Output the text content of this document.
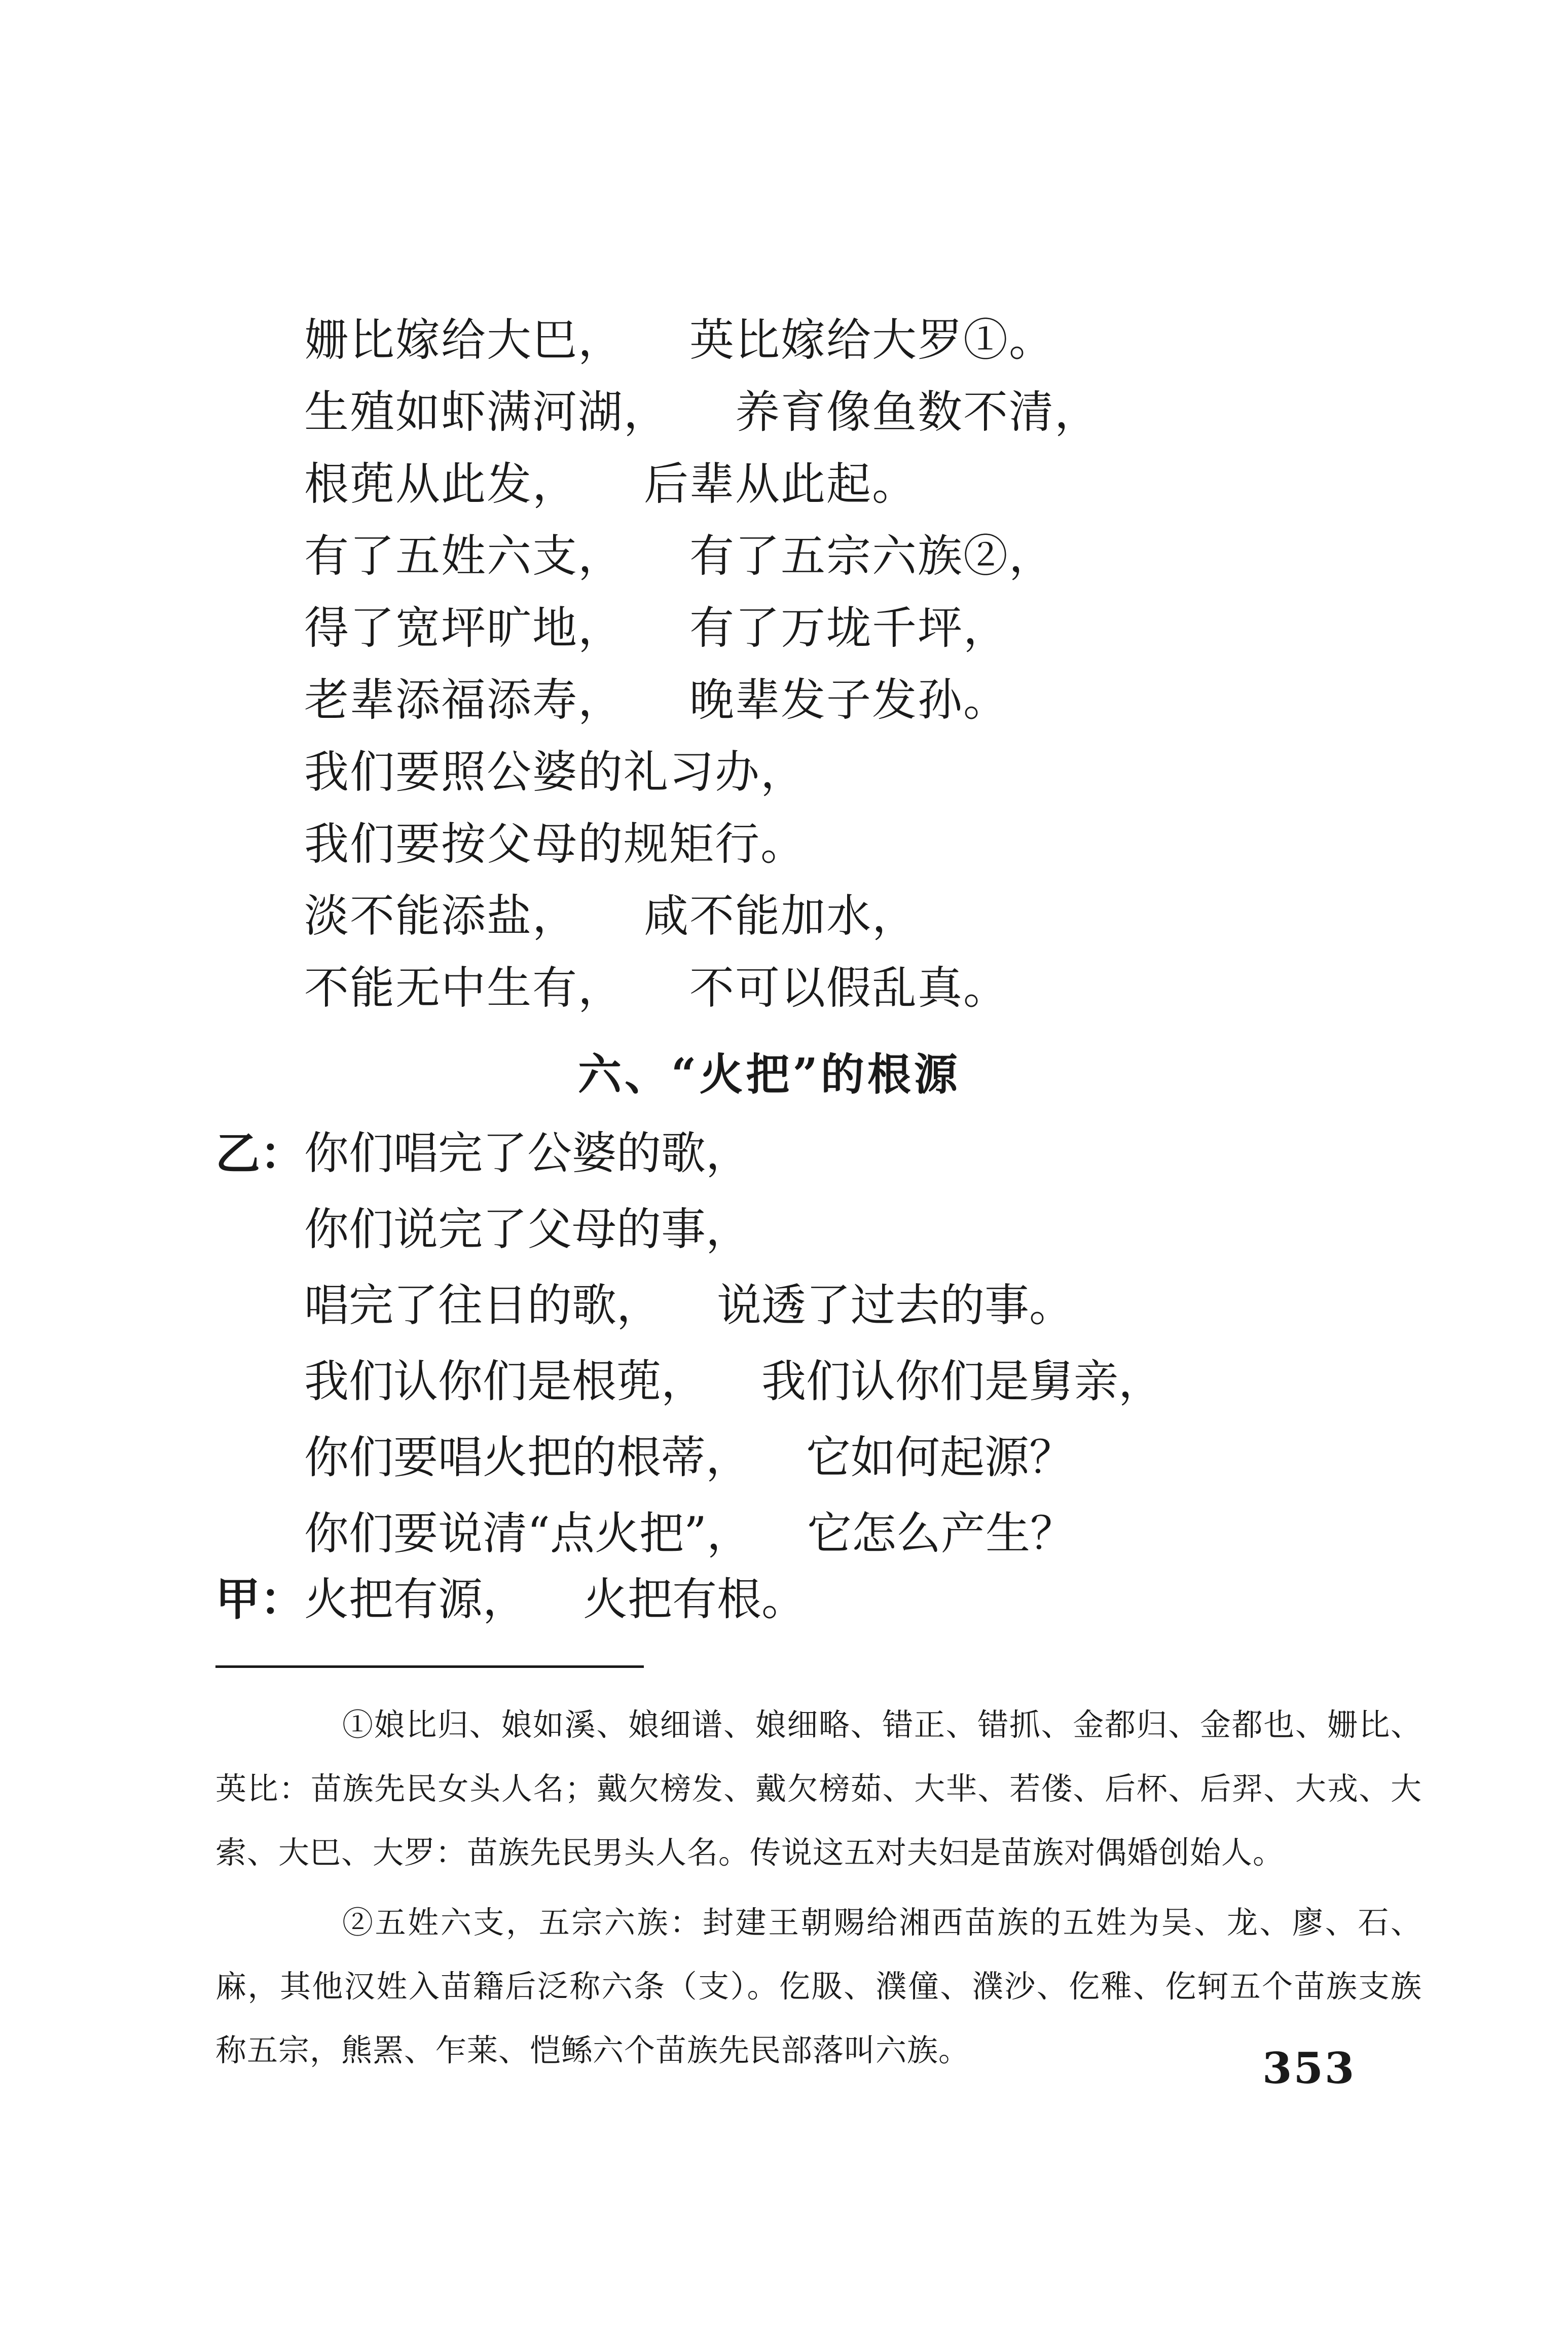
姗比嫁给大巴， 英比嫁给大罗①。
生殖如虾满河湖， 养育像鱼数不清，
根蔸从此发， 后辈从此起。
有了五姓六支， 有了五宗六族②，
得了宽坪旷地， 有了万垅千坪，
老辈添福添寿， 晚辈发子发孙。
我们要照公婆的礼习办，
我们要按父母的规矩行。
淡不能添盐， 咸不能加水，
不能无中生有， 不可以假乱真。
六、“火把”的根源
乙：
你们唱完了公婆的歌，
你们说完了父母的事，
唱完了往日的歌， 说透了过去的事。
我们认你们是根蔸， 我们认你们是舅亲，
你们要唱火把的根蒂， 它如何起源？
你们要说清“点火把”， 它怎么产生？
甲：
火把有源， 火把有根。

①娘比归、娘如溪、娘细谱、娘细略、错正、错抓、金都归、金都也、姗比、英比：苗族先民女头人名；戴欠榜发、戴欠榜茹、大芈、若偻、后杯、后羿、大戎、大索、大巴、大罗：苗族先民男头人名。传说这五对夫妇是苗族对偶婚创始人。

②五姓六支，五宗六族：封建王朝赐给湘西苗族的五姓为吴、龙、廖、石、麻，其他汉姓入苗籍后泛称六条（支）。仡䏜、濮僮、濮沙、仡䧽、仡轲五个苗族支族称五宗，熊罴、乍莱、恺鲧六个苗族先民部落叫六族。	353
